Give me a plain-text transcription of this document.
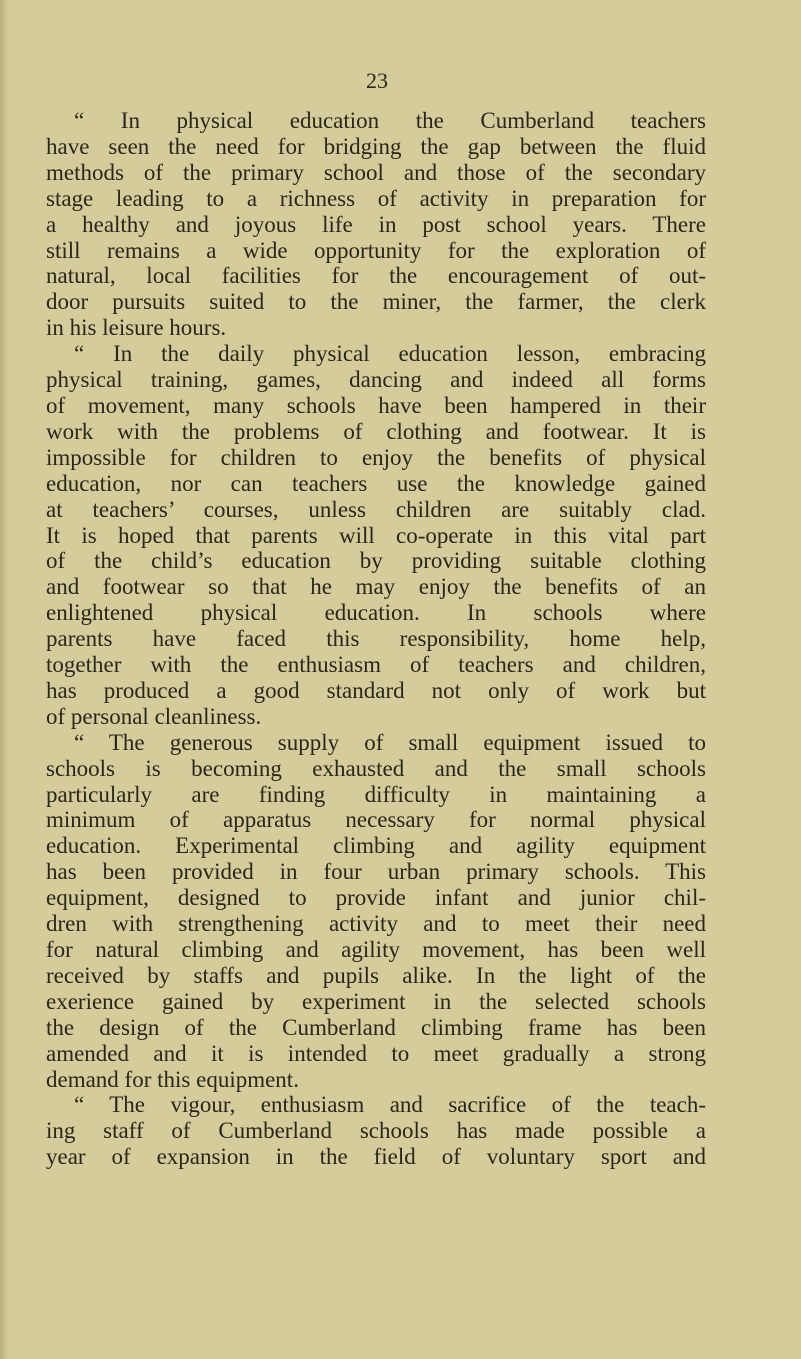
23
“ In physical education the Cumberland teachers
have seen the need for bridging the gap between the fluid
methods of the primary school and those of the secondary
stage leading to a richness of activity in preparation for
a healthy and joyous life in post school years. There
still remains a wide opportunity for the exploration of
natural, local facilities for the encouragement of out-
door pursuits suited to the miner, the farmer, the clerk
in his leisure hours.
“ In the daily physical education lesson, embracing
physical training, games, dancing and indeed all forms
of movement, many schools have been hampered in their
work with the problems of clothing and footwear. It is
impossible for children to enjoy the benefits of physical
education, nor can teachers use the knowledge gained
at teachers’ courses, unless children are suitably clad.
It is hoped that parents will co-operate in this vital part
of the child’s education by providing suitable clothing
and footwear so that he may enjoy the benefits of an
enlightened physical education. In schools where
parents have faced this responsibility, home help,
together with the enthusiasm of teachers and children,
has produced a good standard not only of work but
of personal cleanliness.
“ The generous supply of small equipment issued to
schools is becoming exhausted and the small schools
particularly are finding difficulty in maintaining a
minimum of apparatus necessary for normal physical
education. Experimental climbing and agility equipment
has been provided in four urban primary schools. This
equipment, designed to provide infant and junior chil-
dren with strengthening activity and to meet their need
for natural climbing and agility movement, has been well
received by staffs and pupils alike. In the light of the
exerience gained by experiment in the selected schools
the design of the Cumberland climbing frame has been
amended and it is intended to meet gradually a strong
demand for this equipment.
“ The vigour, enthusiasm and sacrifice of the teach-
ing staff of Cumberland schools has made possible a
year of expansion in the field of voluntary sport and
